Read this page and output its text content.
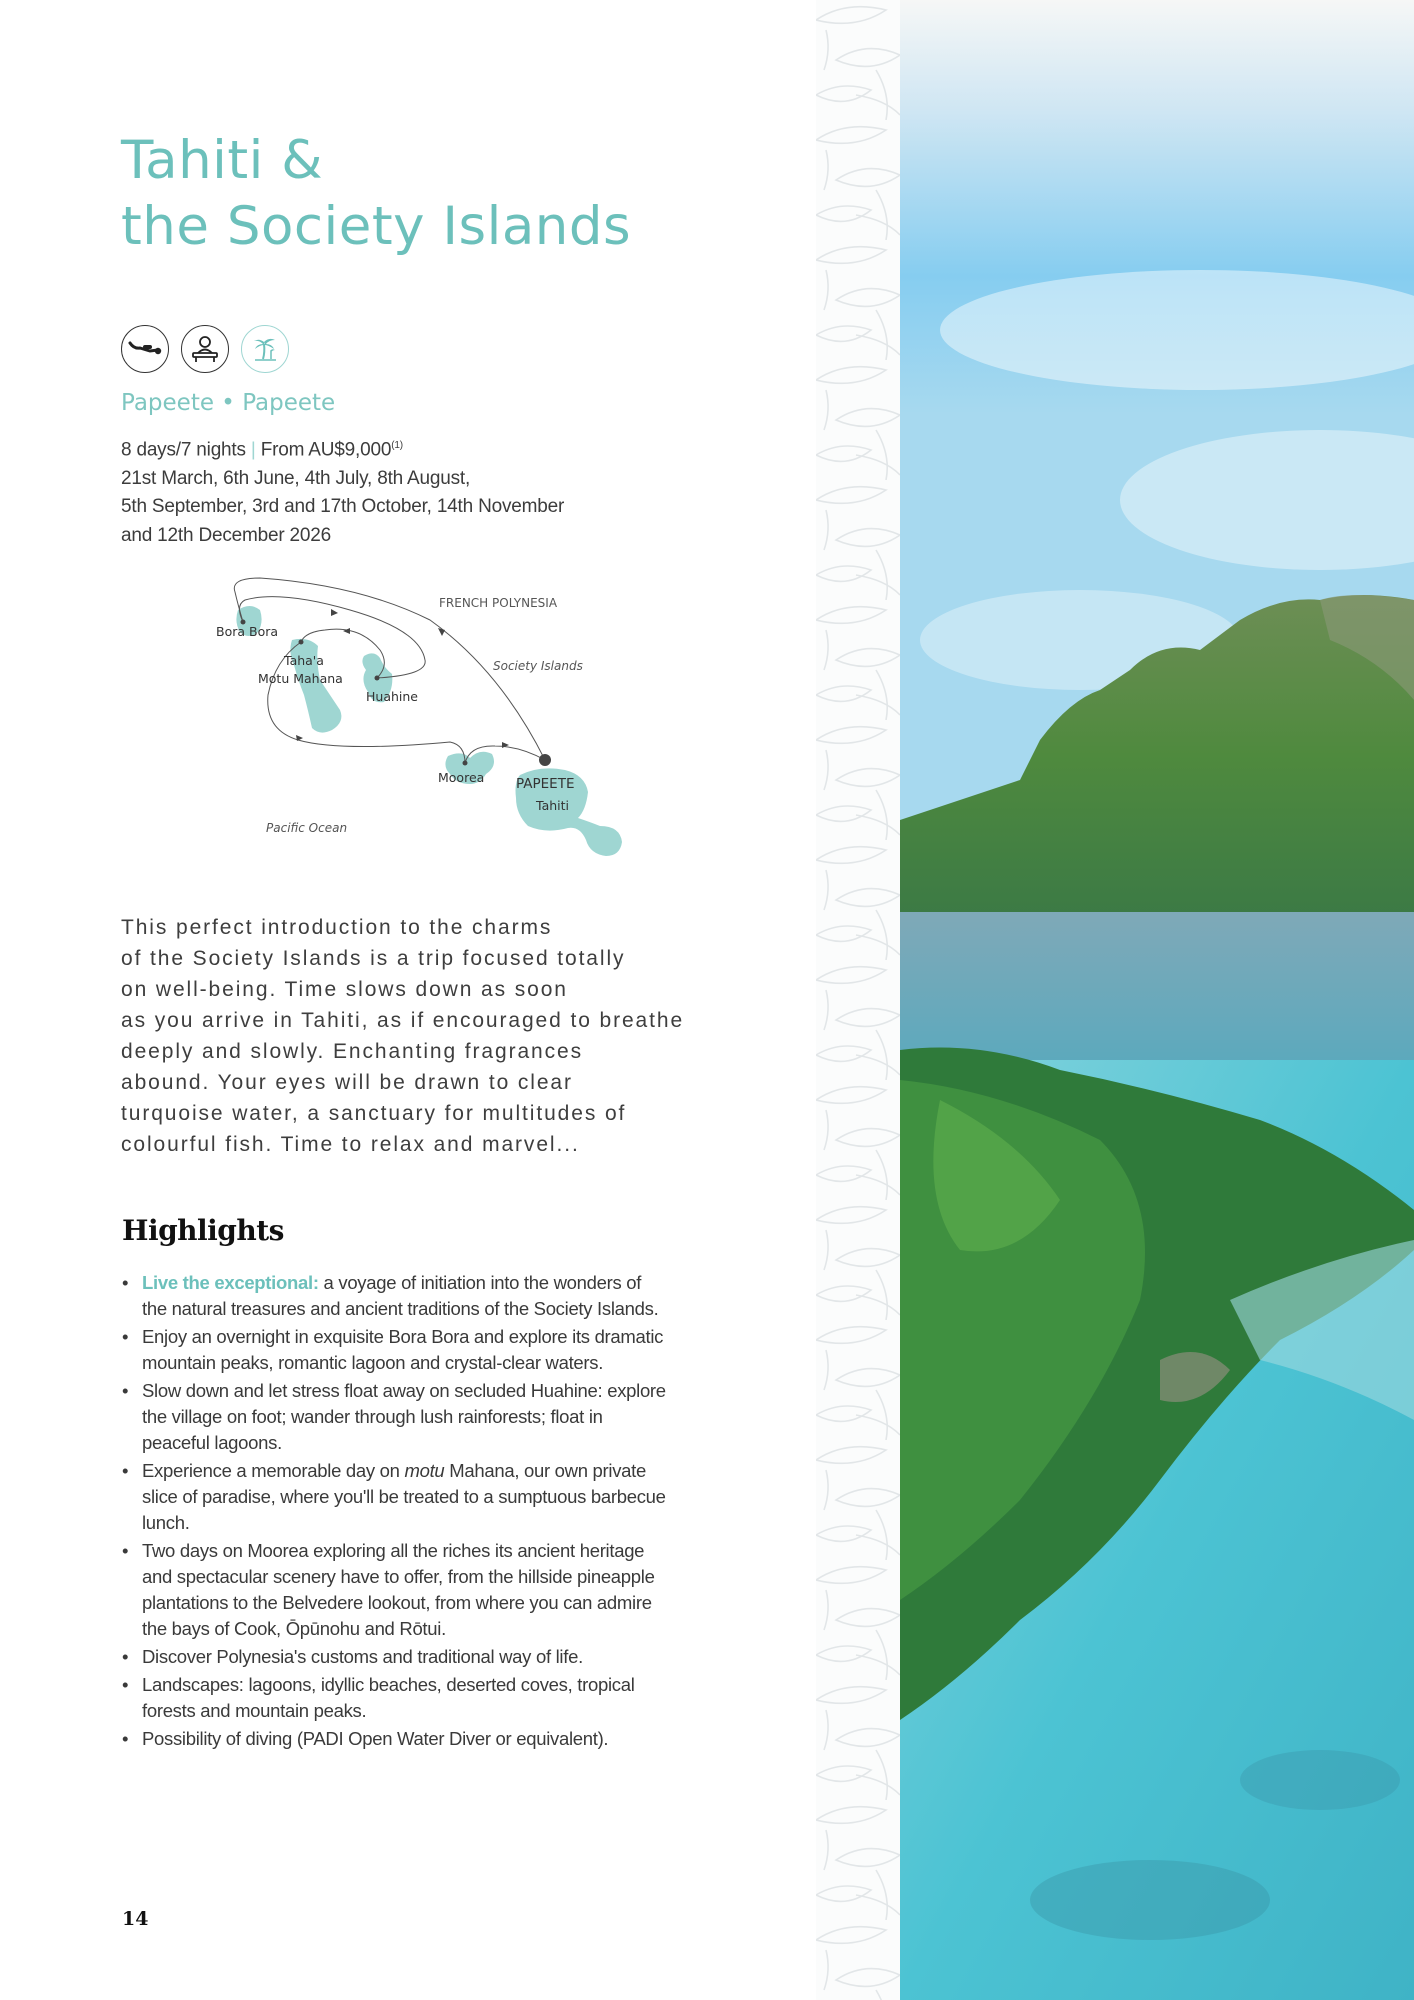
Tahiti &
the Society Islands
Papeete • Papeete
8 days/7 nights | From AU$9,000$^{(1)}$
21st March, 6th June, 4th July, 8th August,
5th September, 3rd and 17th October, 14th November
and 12th December 2026
FRENCH POLYNESIA
Society Islands
Pacific Ocean
Bora Bora
Taha'a
Motu Mahana
Huahine
Moorea PAPEETE
Tahiti
This perfect introduction to the charms
of the Society Islands is a trip focused totally
on well-being. Time slows down as soon
as you arrive in Tahiti, as if encouraged to breathe
deeply and slowly. Enchanting fragrances
abound. Your eyes will be drawn to clear
turquoise water, a sanctuary for multitudes of
colourful fish. Time to relax and marvel...
Highlights
• Live the exceptional: a voyage of initiation into the wonders of
the natural treasures and ancient traditions of the Society Islands.
• Enjoy an overnight in exquisite Bora Bora and explore its dramatic
mountain peaks, romantic lagoon and crystal-clear waters.
• Slow down and let stress float away on secluded Huahine: explore
the village on foot; wander through lush rainforests; float in
peaceful lagoons.
• Experience a memorable day on motu Mahana, our own private
slice of paradise, where you'll be treated to a sumptuous barbecue
lunch.
• Two days on Moorea exploring all the riches its ancient heritage
and spectacular scenery have to offer, from the hillside pineapple
plantations to the Belvedere lookout, from where you can admire
the bays of Cook, Ōpūnohu and Rōtui.
• Discover Polynesia's customs and traditional way of life.
• Landscapes: lagoons, idyllic beaches, deserted coves, tropical
forests and mountain peaks.
• Possibility of diving (PADI Open Water Diver or equivalent).
14
